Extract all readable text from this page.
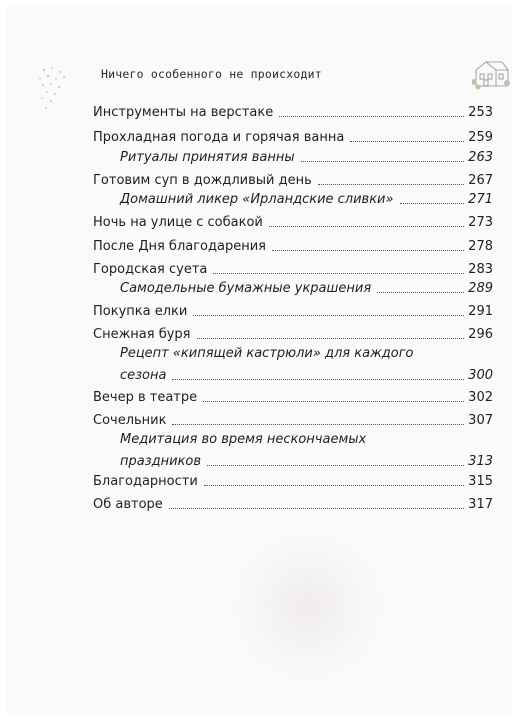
Ничего особенного не происходит
Инструменты на верстаке	253
Прохладная погода и горячая ванна	259
Ритуалы принятия ванны	263
Готовим суп в дождливый день	267
Домашний ликер «Ирландские сливки»	271
Ночь на улице с собакой	273
После Дня благодарения	278
Городская суета	283
Самодельные бумажные украшения	289
Покупка елки	291
Снежная буря	296
Рецепт «кипящей кастрюли» для каждого
сезона	300
Вечер в театре	302
Сочельник	307
Медитация во время нескончаемых
праздников	313
Благодарности	315
Об авторе	317
